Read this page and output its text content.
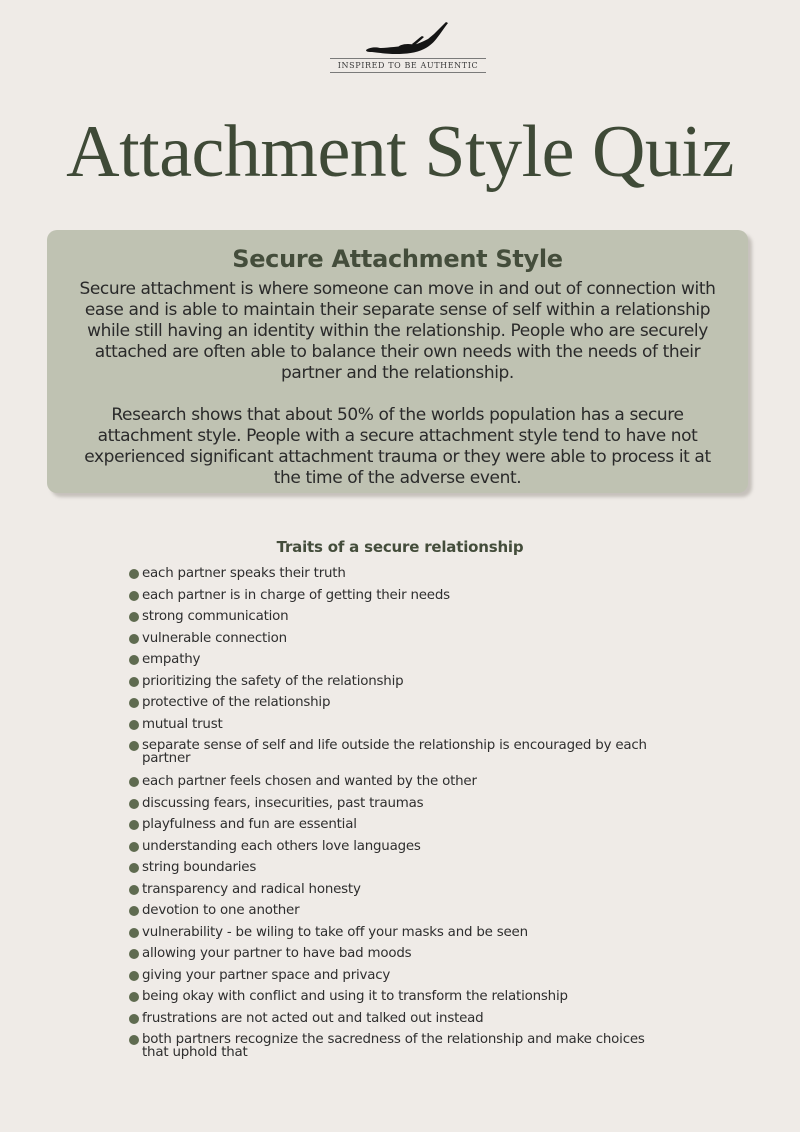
INSPIRED TO BE AUTHENTIC
Attachment Style Quiz
Secure Attachment Style

Secure attachment is where someone can move in and out of connection with ease and is able to maintain their separate sense of self within a relationship while still having an identity within the relationship. People who are securely attached are often able to balance their own needs with the needs of their partner and the relationship.

Research shows that about 50% of the worlds population has a secure attachment style. People with a secure attachment style tend to have not experienced significant attachment trauma or they were able to process it at the time of the adverse event.

Traits of a secure relationship
each partner speaks their truth
each partner is in charge of getting their needs
strong communication
vulnerable connection
empathy
prioritizing the safety of the relationship
protective of the relationship
mutual trust
separate sense of self and life outside the relationship is encouraged by each partner
each partner feels chosen and wanted by the other
discussing fears, insecurities, past traumas
playfulness and fun are essential
understanding each others love languages
string boundaries
transparency and radical honesty
devotion to one another
vulnerability - be wiling to take off your masks and be seen
allowing your partner to have bad moods
giving your partner space and privacy
being okay with conflict and using it to transform the relationship
frustrations are not acted out and talked out instead
both partners recognize the sacredness of the relationship and make choices that uphold that
